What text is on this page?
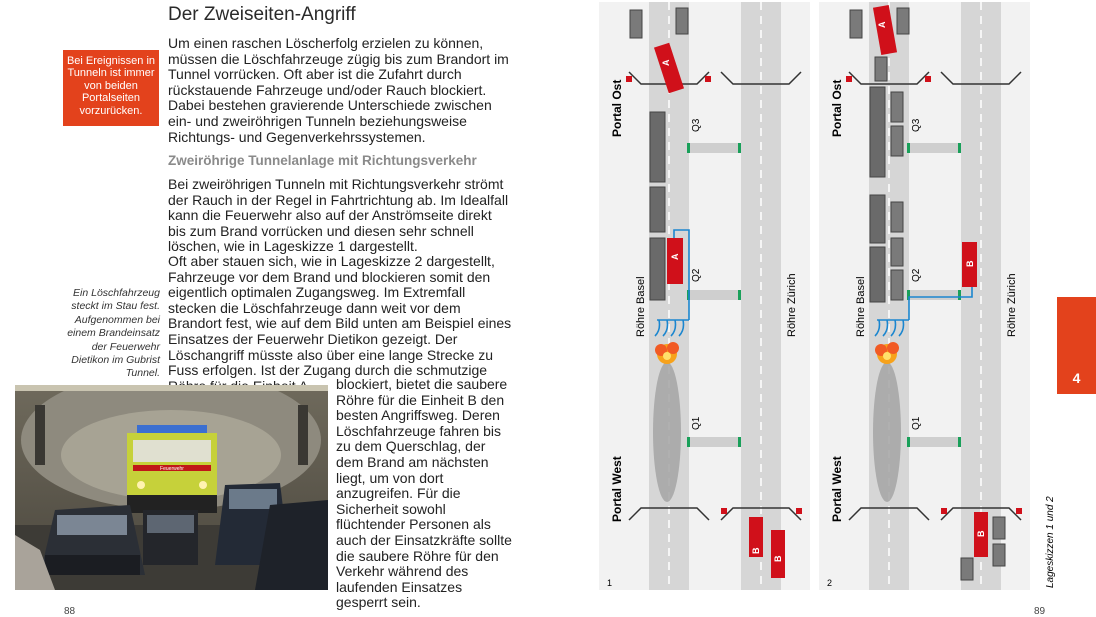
Der Zweiseiten-Angriff
Um einen raschen Löscherfolg erzielen zu können, müssen die Löschfahrzeuge zügig bis zum Brandort im Tunnel vorrücken. Oft aber ist die Zufahrt durch rückstauende Fahrzeuge und/oder Rauch blockiert. Dabei bestehen gravierende Unterschiede zwischen ein- und zweiröhrigen Tunneln beziehungsweise Richtungs- und Gegenverkehrssystemen.
Zweiröhrige Tunnelanlage mit Richtungsverkehr
Bei zweiröhrigen Tunneln mit Richtungsverkehr strömt der Rauch in der Regel in Fahrtrichtung ab. Im Idealfall kann die Feuerwehr also auf der Anströmseite direkt bis zum Brand vorrücken und diesen sehr schnell löschen, wie in Lageskizze 1 dargestellt.
Oft aber stauen sich, wie in Lageskizze 2 dargestellt, Fahrzeuge vor dem Brand und blockieren somit den eigentlich optimalen Zugangsweg. Im Extremfall stecken die Löschfahrzeuge dann weit vor dem Brandort fest, wie auf dem Bild unten am Beispiel eines Einsatzes der Feuerwehr Dietikon gezeigt. Der Löschangriff müsste also über eine lange Strecke zu Fuss erfolgen. Ist der Zugang durch die schmutzige
blockiert, bietet die saubere Röhre für die Einheit B den besten Angriffsweg. Deren Löschfahrzeuge fahren bis zu dem Querschlag, der dem Brand am nächsten liegt, um von dort anzugreifen. Für die Sicherheit sowohl flüchtender Personen als auch der Einsatzkräfte sollte die saubere Röhre für den Verkehr während des laufenden Einsatzes gesperrt sein.
Bei Ereignissen in Tunneln ist immer von beiden Portalseiten vorzurücken.
Ein Löschfahrzeug steckt im Stau fest. Aufgenommen bei einem Brandeinsatz der Feuerwehr Dietikon im Gubrist Tunnel.
Feuerwehr
Q3
Q2
Q1
Portal Ost
Portal West
Röhre Basel	Röhre Zürich
1
A
A
B
B
Q3
Q2
Q1
Portal Ost
Portal West
Röhre Basel	Röhre Zürich
2
A
B
B
4
Lageskizzen 1 und 2
88	89
